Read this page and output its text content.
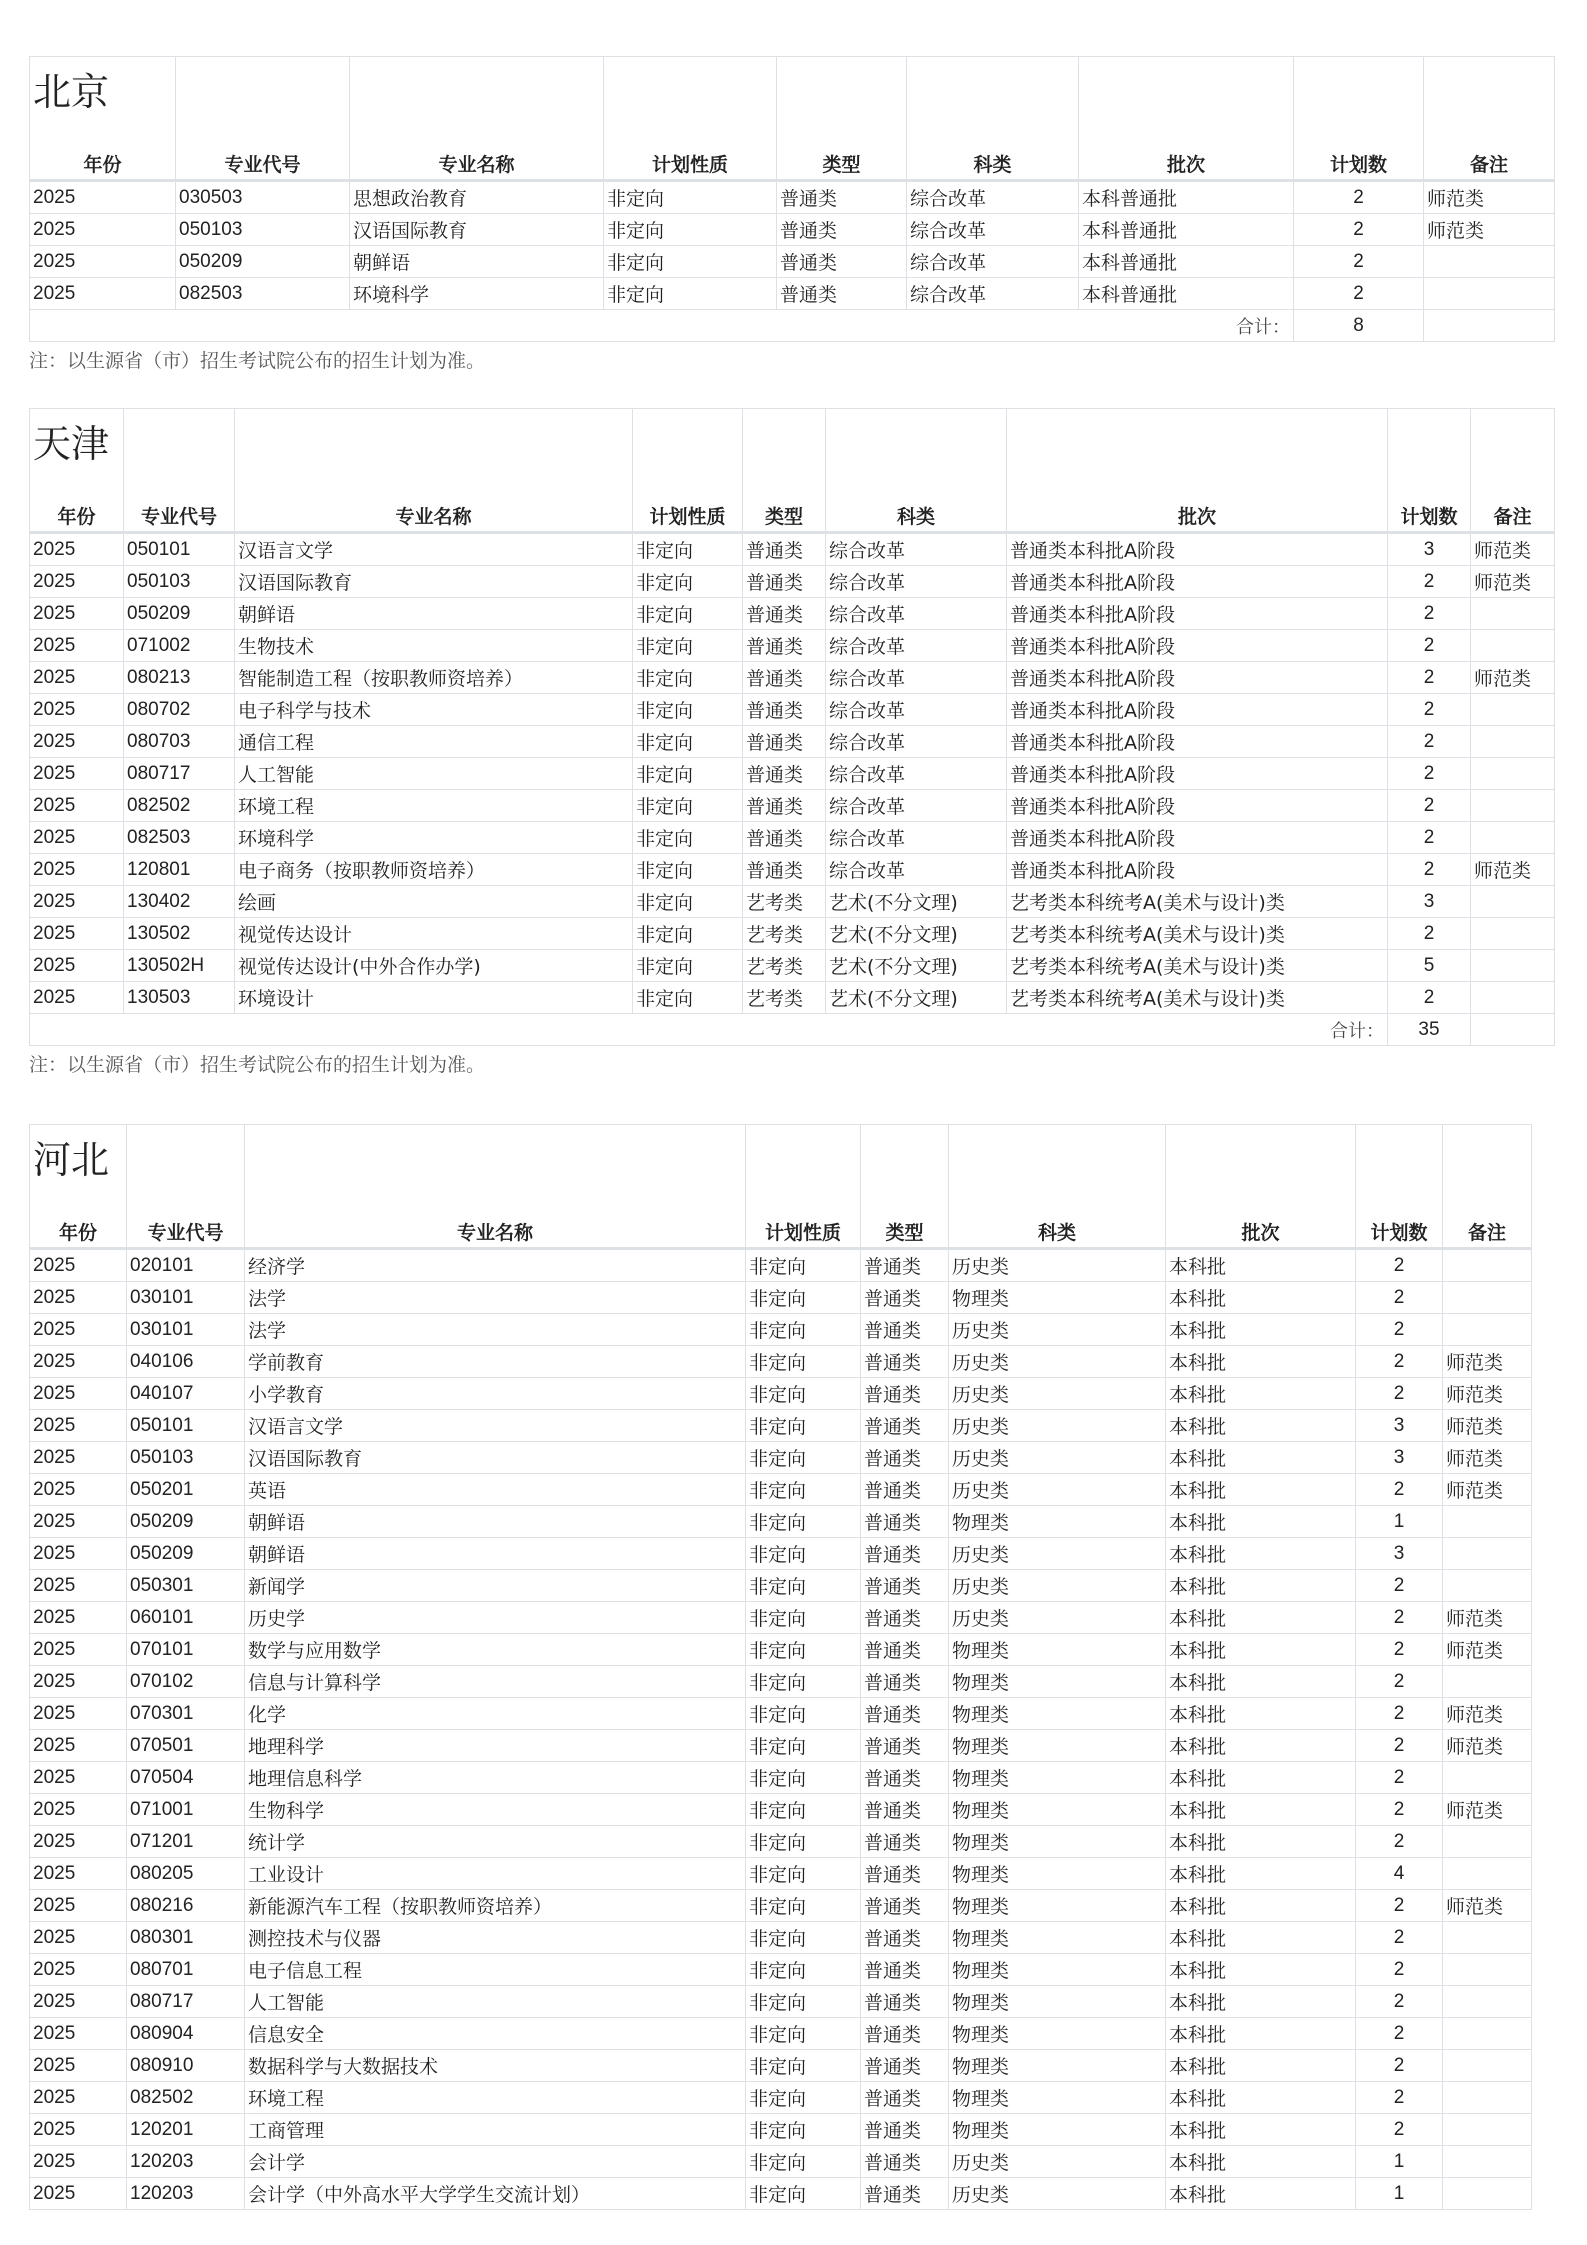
北京
年份	专业代号	专业名称	计划性质	类型	科类	批次	计划数	备注
2025	030503	思想政治教育	非定向	普通类	综合改革	本科普通批	2	师范类
2025	050103	汉语国际教育	非定向	普通类	综合改革	本科普通批	2	师范类
2025	050209	朝鲜语	非定向	普通类	综合改革	本科普通批	2	
2025	082503	环境科学	非定向	普通类	综合改革	本科普通批	2	
合计：							8	
注：以生源省（市）招生考试院公布的招生计划为准。
天津
年份	专业代号	专业名称	计划性质	类型	科类	批次	计划数	备注
2025	050101	汉语言文学	非定向	普通类	综合改革	普通类本科批A阶段	3	师范类
2025	050103	汉语国际教育	非定向	普通类	综合改革	普通类本科批A阶段	2	师范类
2025	050209	朝鲜语	非定向	普通类	综合改革	普通类本科批A阶段	2	
2025	071002	生物技术	非定向	普通类	综合改革	普通类本科批A阶段	2	
2025	080213	智能制造工程（按职教师资培养）	非定向	普通类	综合改革	普通类本科批A阶段	2	师范类
2025	080702	电子科学与技术	非定向	普通类	综合改革	普通类本科批A阶段	2	
2025	080703	通信工程	非定向	普通类	综合改革	普通类本科批A阶段	2	
2025	080717	人工智能	非定向	普通类	综合改革	普通类本科批A阶段	2	
2025	082502	环境工程	非定向	普通类	综合改革	普通类本科批A阶段	2	
2025	082503	环境科学	非定向	普通类	综合改革	普通类本科批A阶段	2	
2025	120801	电子商务（按职教师资培养）	非定向	普通类	综合改革	普通类本科批A阶段	2	师范类
2025	130402	绘画	非定向	艺考类	艺术(不分文理)	艺考类本科统考A(美术与设计)类	3	
2025	130502	视觉传达设计	非定向	艺考类	艺术(不分文理)	艺考类本科统考A(美术与设计)类	2	
2025	130502H	视觉传达设计(中外合作办学)	非定向	艺考类	艺术(不分文理)	艺考类本科统考A(美术与设计)类	5	
2025	130503	环境设计	非定向	艺考类	艺术(不分文理)	艺考类本科统考A(美术与设计)类	2	
合计：							35	
注：以生源省（市）招生考试院公布的招生计划为准。
河北
年份	专业代号	专业名称	计划性质	类型	科类	批次	计划数	备注
2025	020101	经济学	非定向	普通类	历史类	本科批	2	
2025	030101	法学	非定向	普通类	物理类	本科批	2	
2025	030101	法学	非定向	普通类	历史类	本科批	2	
2025	040106	学前教育	非定向	普通类	历史类	本科批	2	师范类
2025	040107	小学教育	非定向	普通类	历史类	本科批	2	师范类
2025	050101	汉语言文学	非定向	普通类	历史类	本科批	3	师范类
2025	050103	汉语国际教育	非定向	普通类	历史类	本科批	3	师范类
2025	050201	英语	非定向	普通类	历史类	本科批	2	师范类
2025	050209	朝鲜语	非定向	普通类	物理类	本科批	1	
2025	050209	朝鲜语	非定向	普通类	历史类	本科批	3	
2025	050301	新闻学	非定向	普通类	历史类	本科批	2	
2025	060101	历史学	非定向	普通类	历史类	本科批	2	师范类
2025	070101	数学与应用数学	非定向	普通类	物理类	本科批	2	师范类
2025	070102	信息与计算科学	非定向	普通类	物理类	本科批	2	
2025	070301	化学	非定向	普通类	物理类	本科批	2	师范类
2025	070501	地理科学	非定向	普通类	物理类	本科批	2	师范类
2025	070504	地理信息科学	非定向	普通类	物理类	本科批	2	
2025	071001	生物科学	非定向	普通类	物理类	本科批	2	师范类
2025	071201	统计学	非定向	普通类	物理类	本科批	2	
2025	080205	工业设计	非定向	普通类	物理类	本科批	4	
2025	080216	新能源汽车工程（按职教师资培养）	非定向	普通类	物理类	本科批	2	师范类
2025	080301	测控技术与仪器	非定向	普通类	物理类	本科批	2	
2025	080701	电子信息工程	非定向	普通类	物理类	本科批	2	
2025	080717	人工智能	非定向	普通类	物理类	本科批	2	
2025	080904	信息安全	非定向	普通类	物理类	本科批	2	
2025	080910	数据科学与大数据技术	非定向	普通类	物理类	本科批	2	
2025	082502	环境工程	非定向	普通类	物理类	本科批	2	
2025	120201	工商管理	非定向	普通类	物理类	本科批	2	
2025	120203	会计学	非定向	普通类	历史类	本科批	1	
2025	120203	会计学（中外高水平大学学生交流计划）	非定向	普通类	历史类	本科批	1	
